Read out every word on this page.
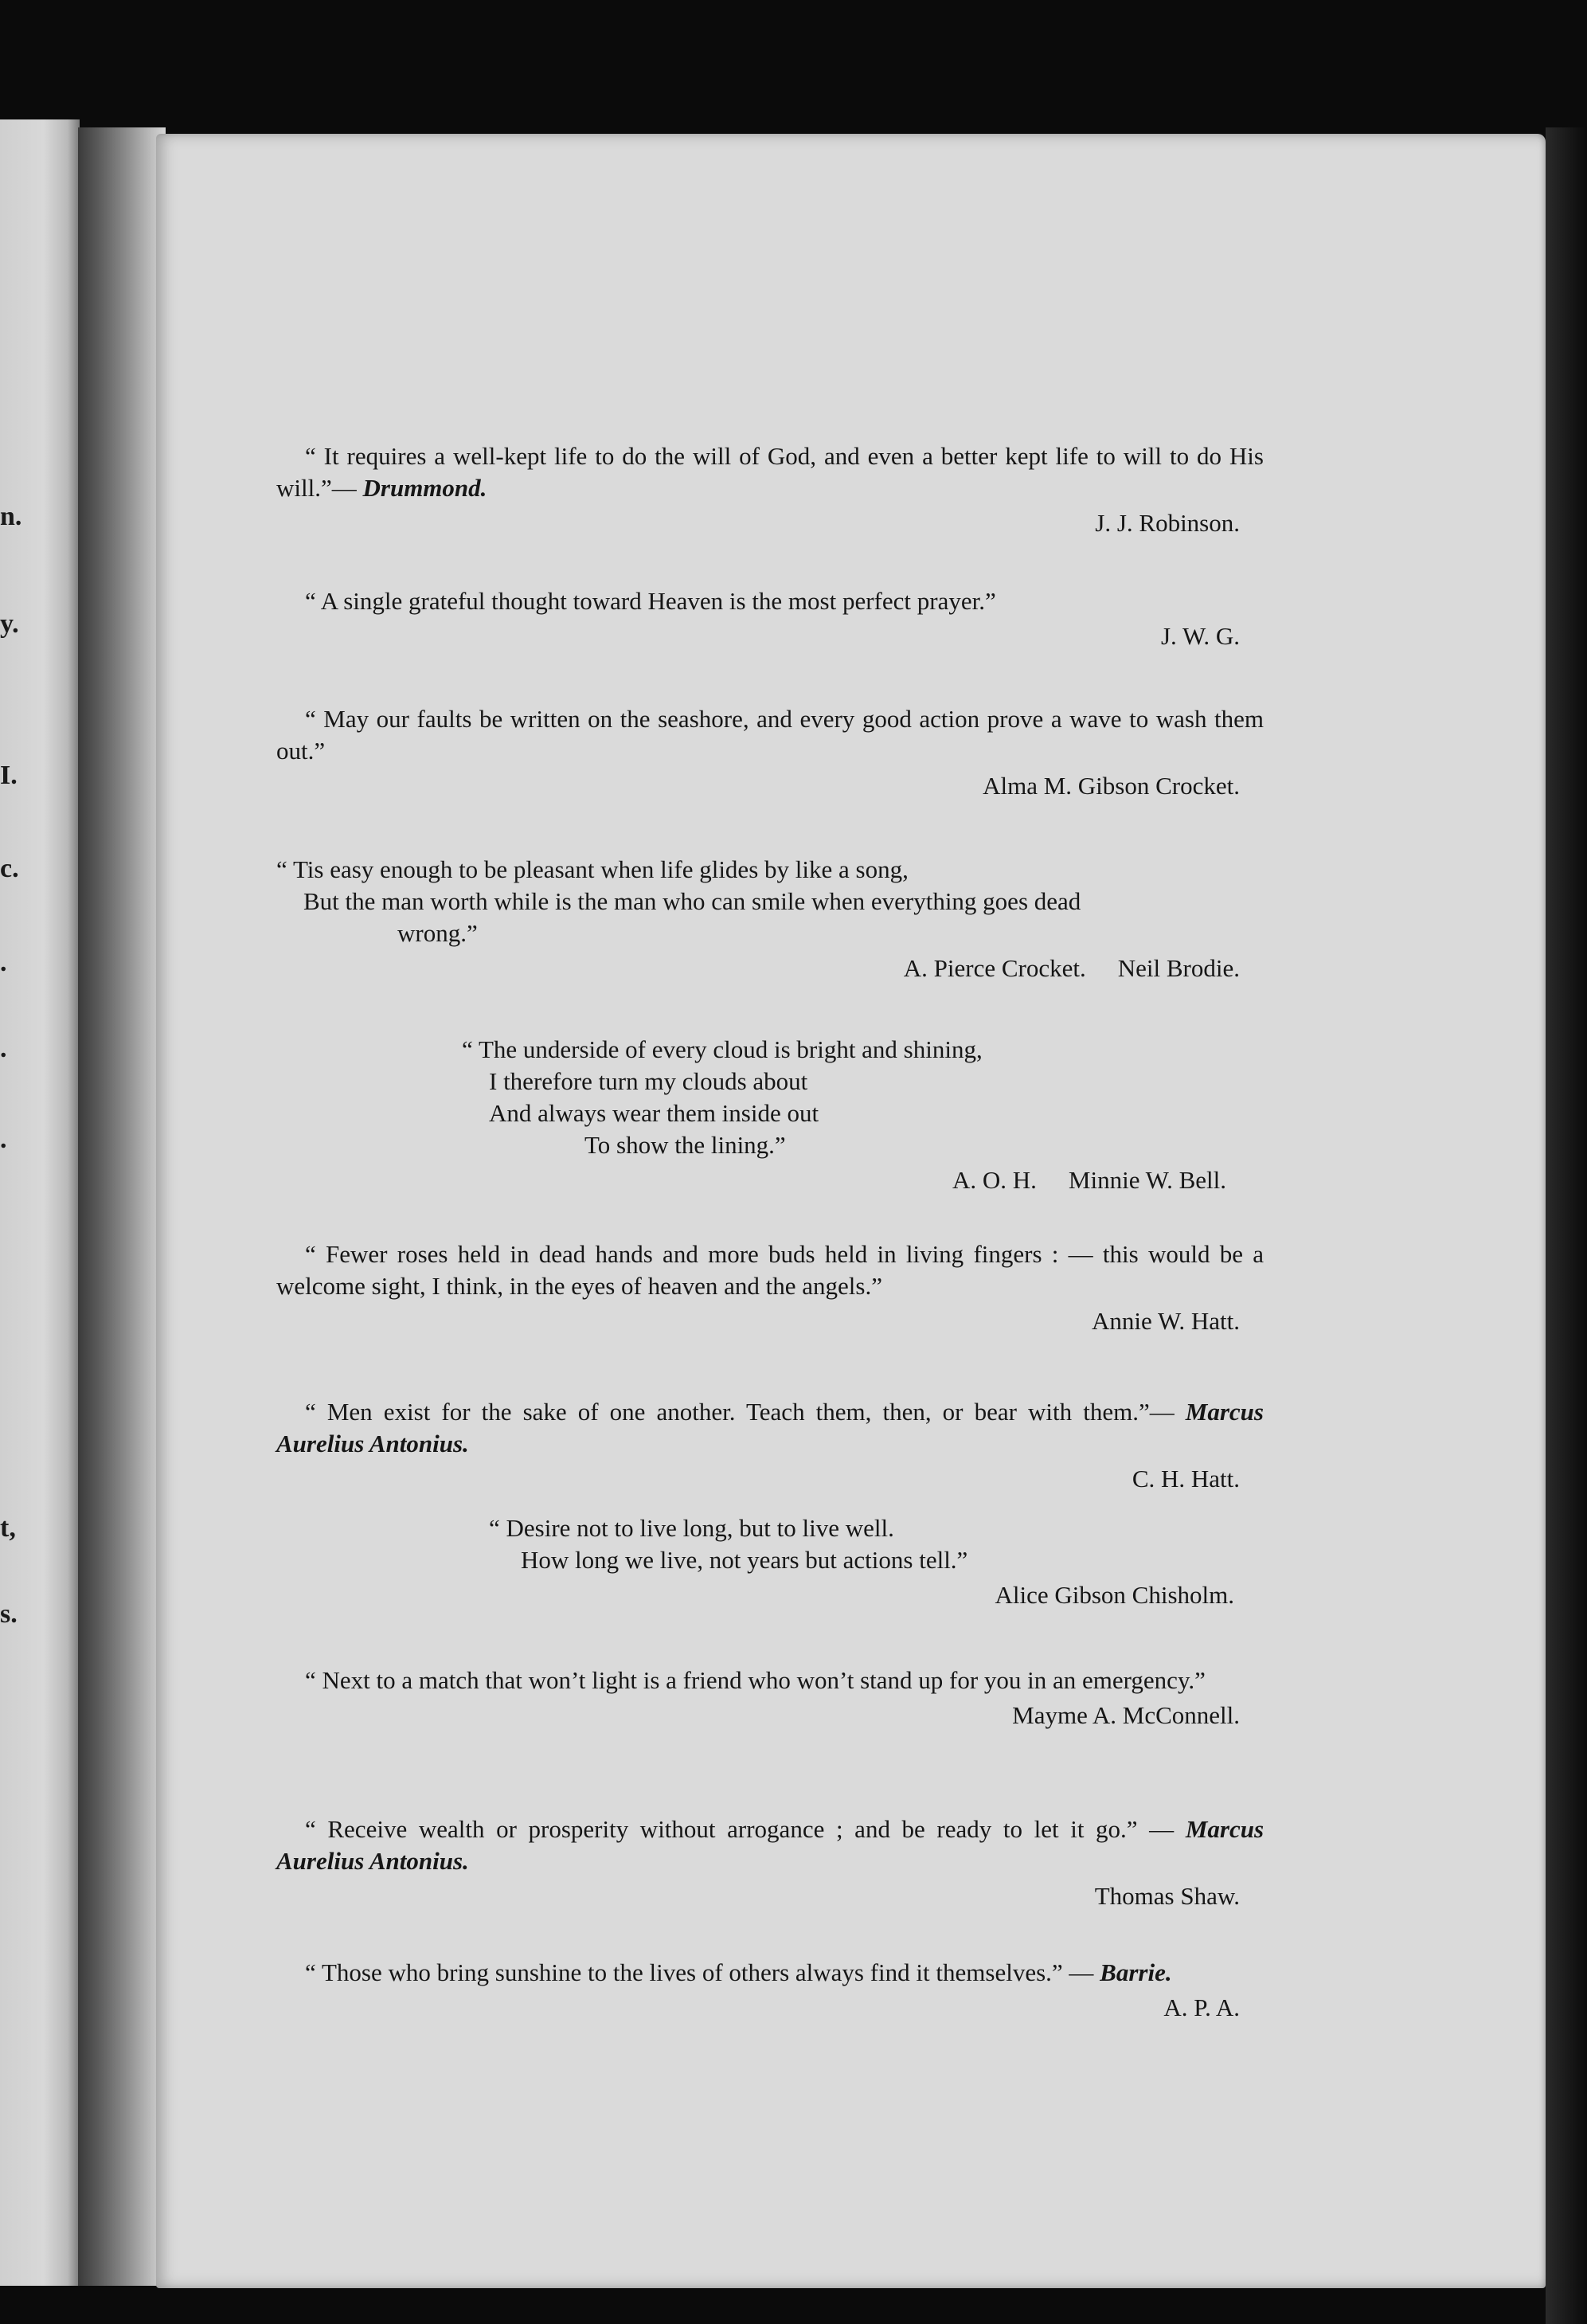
n.
y.
I.
c.
.
.
.
t,
s.
“ It requires a well-kept life to do the will of God, and even a better kept life to will to do His will.”— Drummond.
J. J. Robinson.
“ A single grateful thought toward Heaven is the most perfect prayer.”
J. W. G.
“ May our faults be written on the seashore, and every good action prove a wave to wash them out.”
Alma M. Gibson Crocket.
“ Tis easy enough to be pleasant when life glides by like a song,
But the man worth while is the man who can smile when everything goes dead
wrong.”
A. Pierce Crocket. Neil Brodie.
“ The underside of every cloud is bright and shining,
I therefore turn my clouds about
And always wear them inside out
To show the lining.”
A. O. H. Minnie W. Bell.
“ Fewer roses held in dead hands and more buds held in living fingers : — this would be a welcome sight, I think, in the eyes of heaven and the angels.”
Annie W. Hatt.
“ Men exist for the sake of one another. Teach them, then, or bear with them.”— Marcus Aurelius Antonius.
C. H. Hatt.
“ Desire not to live long, but to live well.
How long we live, not years but actions tell.”
Alice Gibson Chisholm.
“ Next to a match that won’t light is a friend who won’t stand up for you in an emergency.”
Mayme A. McConnell.
“ Receive wealth or prosperity without arrogance ; and be ready to let it go.” — Marcus Aurelius Antonius.
Thomas Shaw.
“ Those who bring sunshine to the lives of others always find it themselves.” — Barrie.
A. P. A.
